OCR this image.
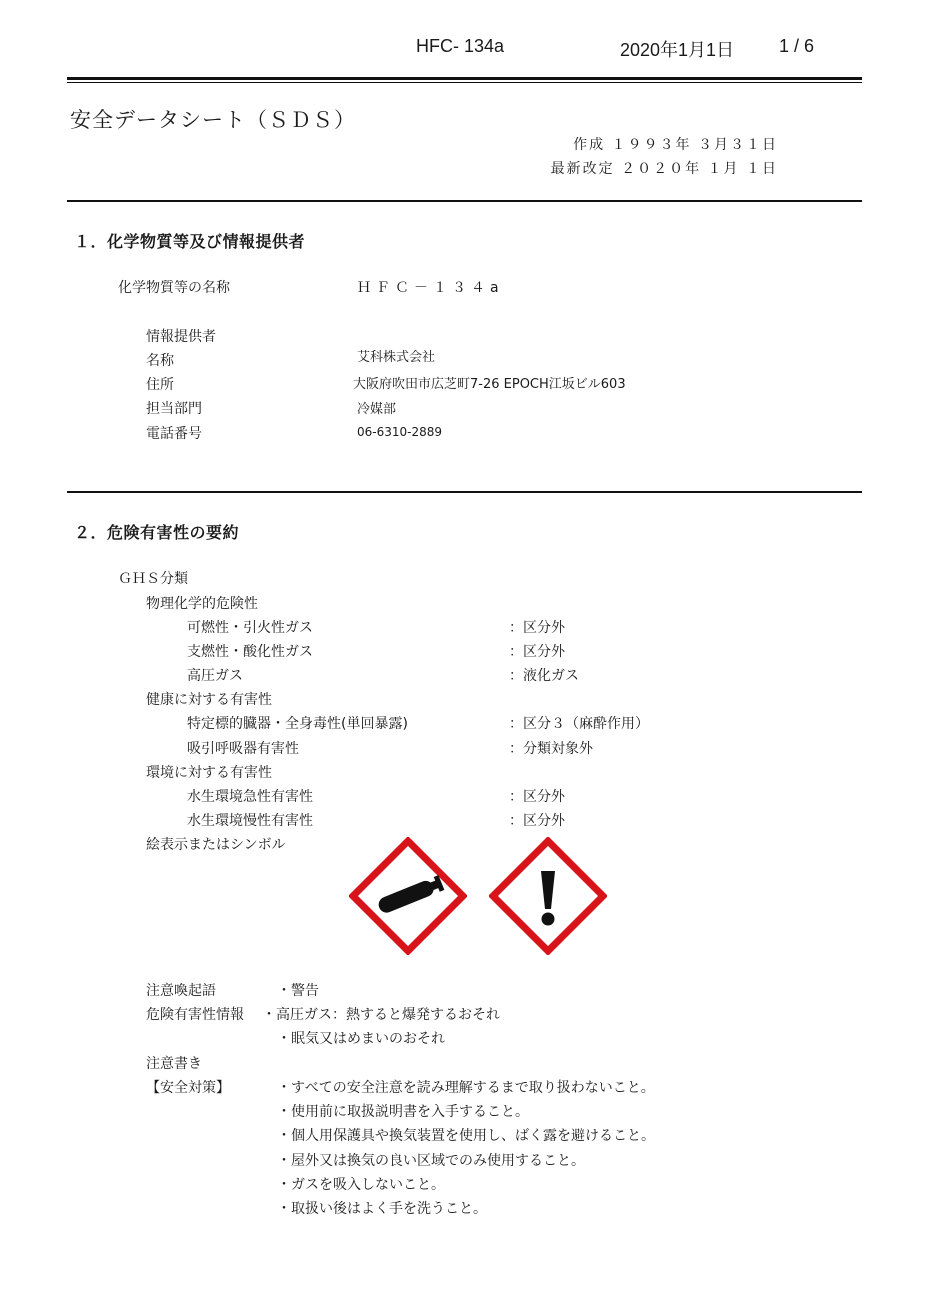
HFC- 134a	2020年1月1日 1 / 6
安全データシート（ＳＤＳ）
作成 １９９３年 ３月３１日
最新改定 ２０２０年 １月 １日
１．化学物質等及び情報提供者
化学物質等の名称	ＨＦＣ－１３４a
情報提供者
名称	艾科株式会社
住所	大阪府吹田市広芝町7-26 EPOCH江坂ビル603
担当部門	冷媒部
電話番号	06-6310-2889
２．危険有害性の要約
ＧＨＳ分類
物理化学的危険性
可燃性・引火性ガス	：区分外
支燃性・酸化性ガス	：区分外
高圧ガス	：液化ガス
健康に対する有害性
特定標的臓器・全身毒性(単回暴露)	：区分３（麻酔作用）
吸引呼吸器有害性	：分類対象外
環境に対する有害性
水生環境急性有害性	：区分外
水生環境慢性有害性	：区分外
絵表示またはシンボル
注意喚起語	・警告
危険有害性情報 ・高圧ガス：熱すると爆発するおそれ
・眠気又はめまいのおそれ
注意書き
【安全対策】	・すべての安全注意を読み理解するまで取り扱わないこと。
・使用前に取扱説明書を入手すること。
・個人用保護具や換気装置を使用し、ばく露を避けること。
・屋外又は換気の良い区域でのみ使用すること。
・ガスを吸入しないこと。
・取扱い後はよく手を洗うこと。
